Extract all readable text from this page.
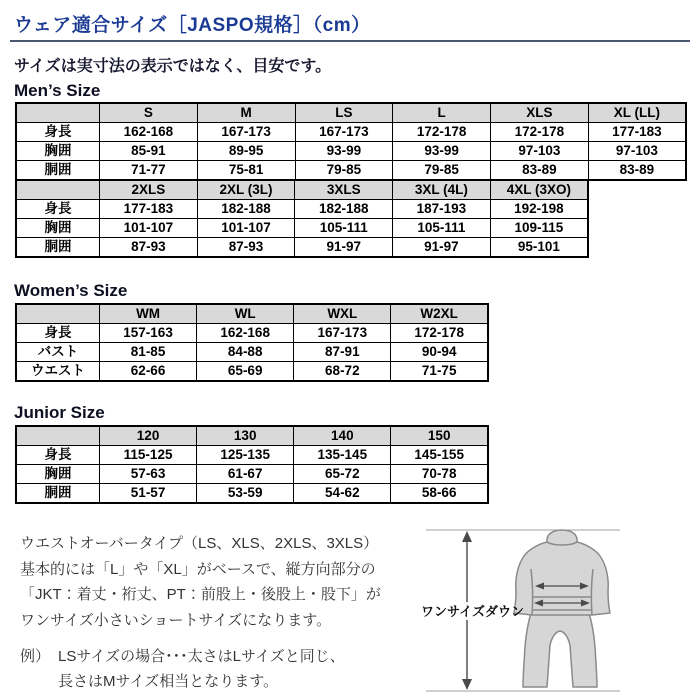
ウェア適合サイズ［JASPO規格］（cm）
サイズは実寸法の表示ではなく、目安です。
Men’s Size
	S	M	LS	L	XLS	XL (LL)
身長	162-168	167-173	167-173	172-178	172-178	177-183
胸囲	85-91	89-95	93-99	93-99	97-103	97-103
胴囲	71-77	75-81	79-85	79-85	83-89	83-89
	2XLS	2XL (3L)	3XLS	3XL (4L)	4XL (3XO)
身長	177-183	182-188	182-188	187-193	192-198
胸囲	101-107	101-107	105-111	105-111	109-115
胴囲	87-93	87-93	91-97	91-97	95-101
Women’s Size
	WM	WL	WXL	W2XL
身長	157-163	162-168	167-173	172-178
バスト	81-85	84-88	87-91	90-94
ウエスト	62-66	65-69	68-72	71-75
Junior Size
	120	130	140	150
身長	115-125	125-135	135-145	145-155
胸囲	57-63	61-67	65-72	70-78
胴囲	51-57	53-59	54-62	58-66
ウエストオーバータイプ（LS、XLS、2XLS、3XLS）
基本的には「L」や「XL」がベースで、縦方向部分の
「JKT：着丈・裄丈、PT：前股上・後股上・股下」が
ワンサイズ小さいショートサイズになります。
例） LSサイズの場合･･･太さはLサイズと同じ、
長さはMサイズ相当となります。
ワンサイズダウン
